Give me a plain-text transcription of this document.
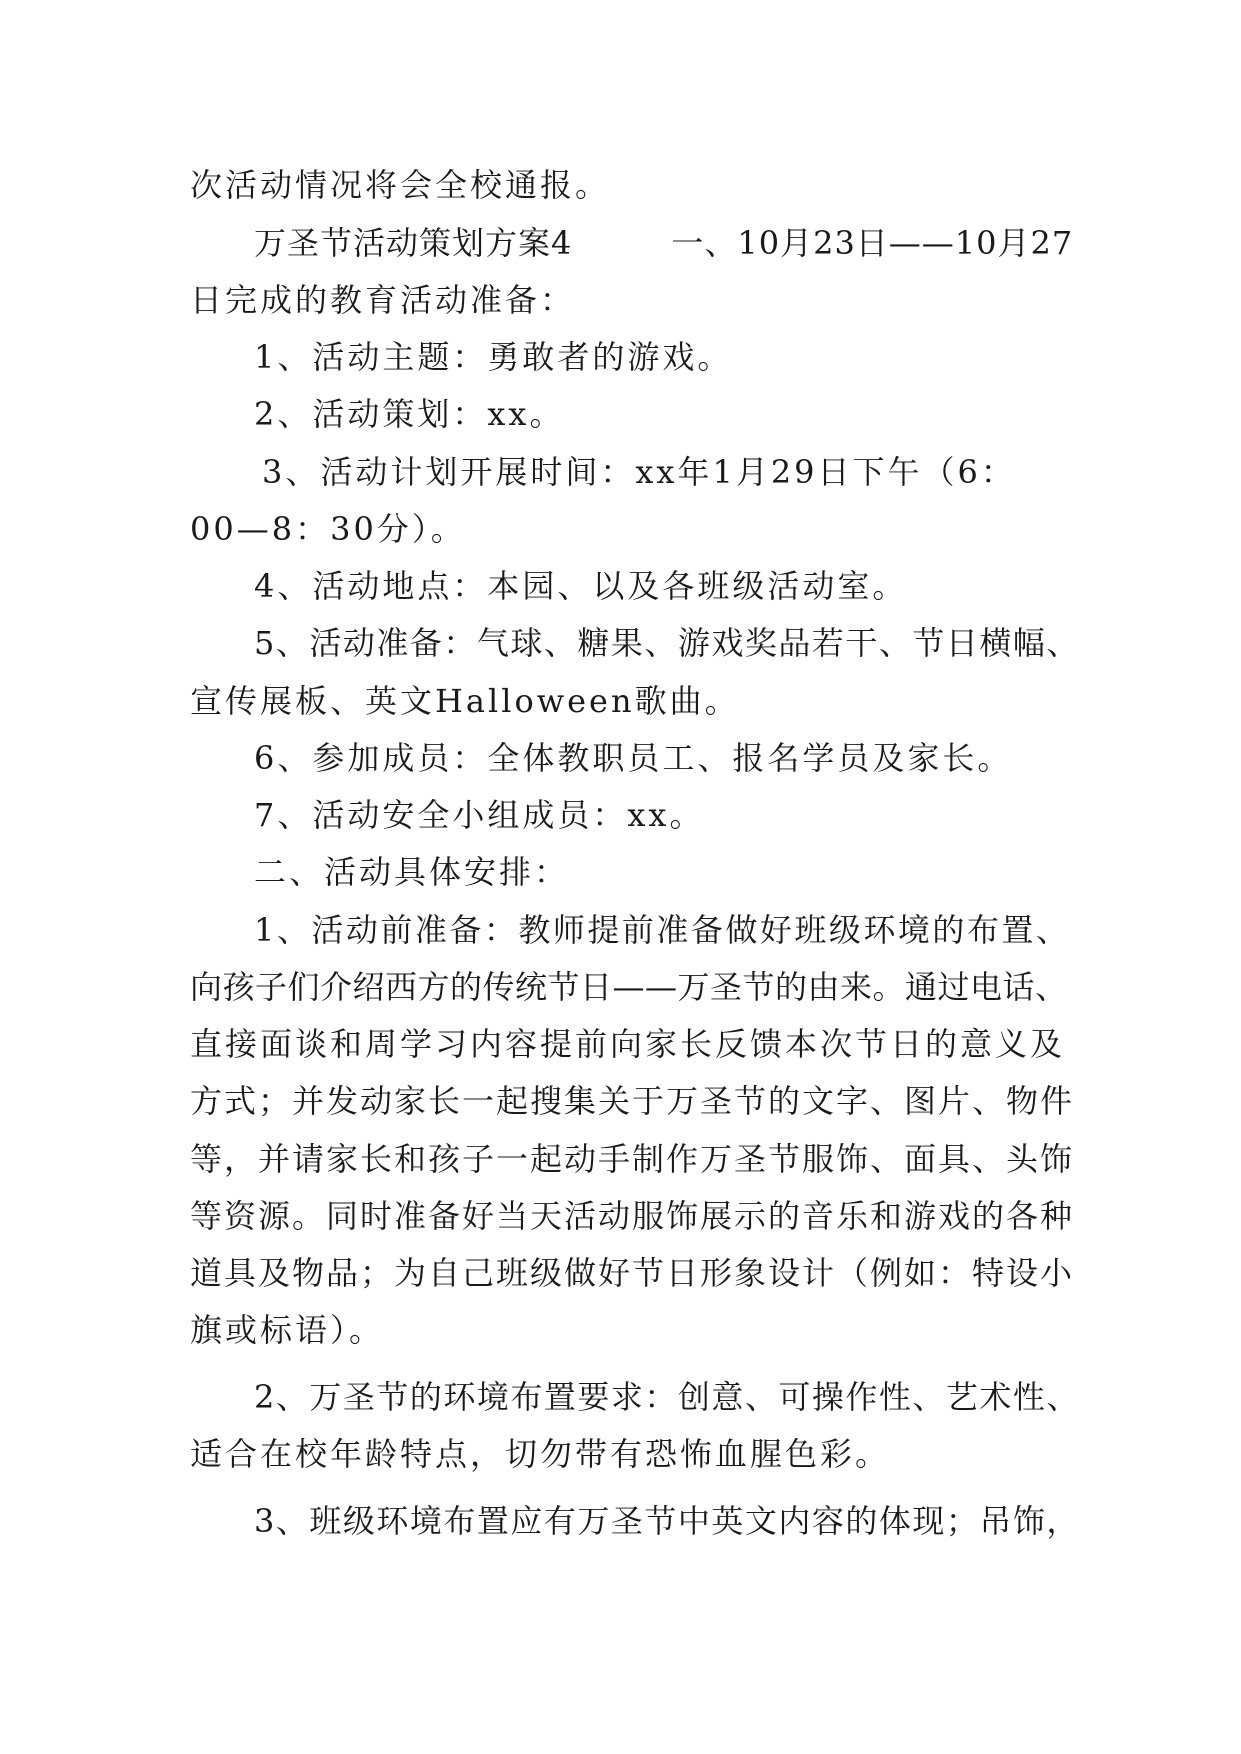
次活动情况将会全校通报。
万圣节活动策划方案4　　　一、10月23日——10月27
日完成的教育活动准备：
1、活动主题：勇敢者的游戏。
2、活动策划：xx。
3、活动计划开展时间：xx年1月29日下午（6：
00—8：30分）。
4、活动地点：本园、以及各班级活动室。
5、活动准备：气球、糖果、游戏奖品若干、节日横幅、
宣传展板、英文Halloween歌曲。
6、参加成员：全体教职员工、报名学员及家长。
7、活动安全小组成员：xx。
二、活动具体安排：
1、活动前准备：教师提前准备做好班级环境的布置、
向孩子们介绍西方的传统节日——万圣节的由来。通过电话、
直接面谈和周学习内容提前向家长反馈本次节日的意义及
方式；并发动家长一起搜集关于万圣节的文字、图片、物件
等，并请家长和孩子一起动手制作万圣节服饰、面具、头饰
等资源。同时准备好当天活动服饰展示的音乐和游戏的各种
道具及物品；为自己班级做好节日形象设计（例如：特设小
旗或标语）。
2、万圣节的环境布置要求：创意、可操作性、艺术性、
适合在校年龄特点，切勿带有恐怖血腥色彩。
3、班级环境布置应有万圣节中英文内容的体现；吊饰，
